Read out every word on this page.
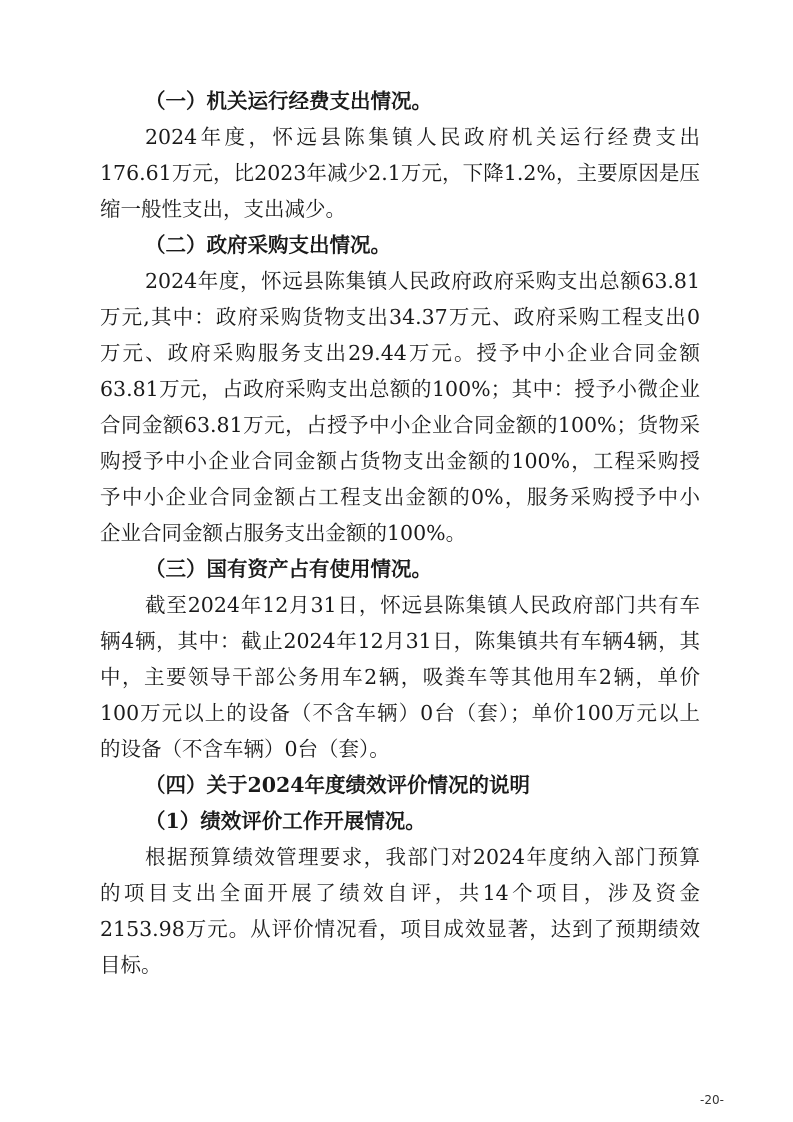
（一）机关运行经费支出情况。
2024年度，怀远县陈集镇人民政府机关运行经费支出
176.61万元，比2023年减少2.1万元，下降1.2%，主要原因是压
缩一般性支出，支出减少。
（二）政府采购支出情况。
2024年度，怀远县陈集镇人民政府政府采购支出总额63.81
万元,其中：政府采购货物支出34.37万元、政府采购工程支出0
万元、政府采购服务支出29.44万元。授予中小企业合同金额
63.81万元，占政府采购支出总额的100%；其中：授予小微企业
合同金额63.81万元，占授予中小企业合同金额的100%；货物采
购授予中小企业合同金额占货物支出金额的100%，工程采购授
予中小企业合同金额占工程支出金额的0%，服务采购授予中小
企业合同金额占服务支出金额的100%。
（三）国有资产占有使用情况。
截至2024年12月31日，怀远县陈集镇人民政府部门共有车
辆4辆，其中：截止2024年12月31日，陈集镇共有车辆4辆，其
中，主要领导干部公务用车2辆，吸粪车等其他用车2辆，单价
100万元以上的设备（不含车辆）0台（套）；单价100万元以上
的设备（不含车辆）0台（套）。
（四）关于2024年度绩效评价情况的说明
（1）绩效评价工作开展情况。
根据预算绩效管理要求，我部门对2024年度纳入部门预算
的项目支出全面开展了绩效自评，共14个项目，涉及资金
2153.98万元。从评价情况看，项目成效显著，达到了预期绩效
目标。
-20-
